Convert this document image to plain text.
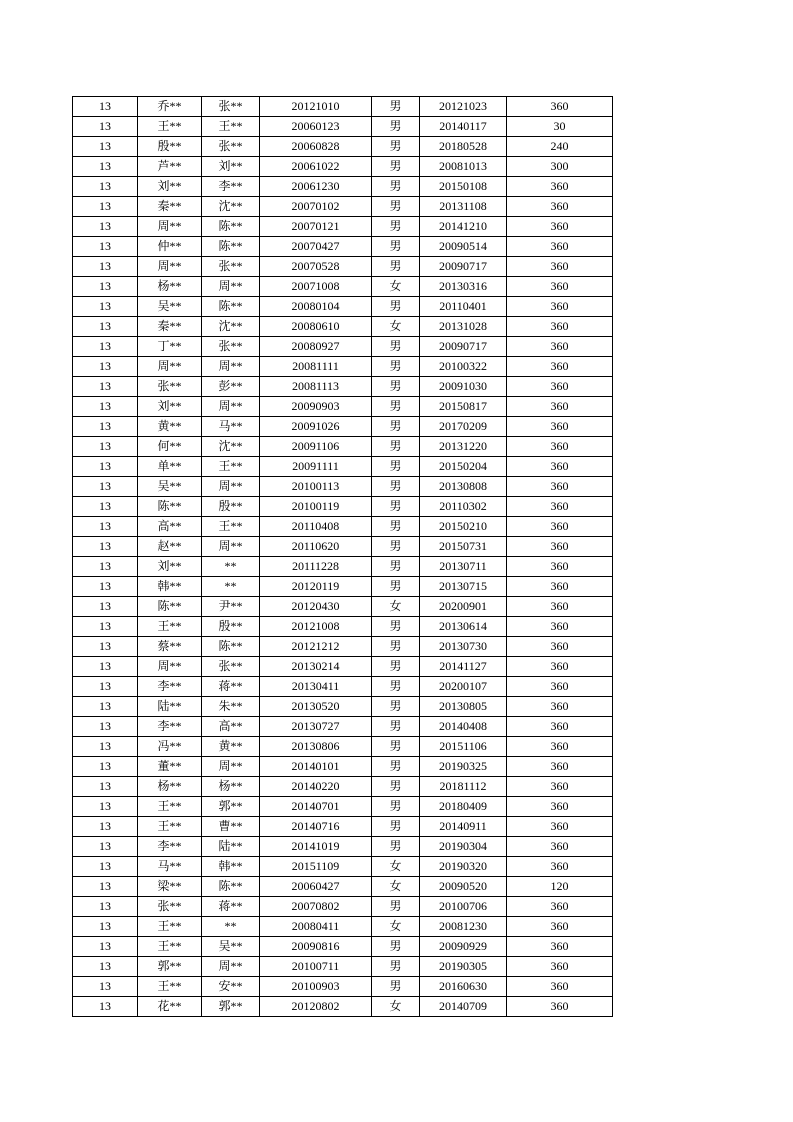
13	乔**	张**	20121010	男	20121023	360
13	王**	王**	20060123	男	20140117	30
13	殷**	张**	20060828	男	20180528	240
13	芦**	刘**	20061022	男	20081013	300
13	刘**	李**	20061230	男	20150108	360
13	秦**	沈**	20070102	男	20131108	360
13	周**	陈**	20070121	男	20141210	360
13	仲**	陈**	20070427	男	20090514	360
13	周**	张**	20070528	男	20090717	360
13	杨**	周**	20071008	女	20130316	360
13	吴**	陈**	20080104	男	20110401	360
13	秦**	沈**	20080610	女	20131028	360
13	丁**	张**	20080927	男	20090717	360
13	周**	周**	20081111	男	20100322	360
13	张**	彭**	20081113	男	20091030	360
13	刘**	周**	20090903	男	20150817	360
13	黄**	马**	20091026	男	20170209	360
13	何**	沈**	20091106	男	20131220	360
13	单**	王**	20091111	男	20150204	360
13	吴**	周**	20100113	男	20130808	360
13	陈**	殷**	20100119	男	20110302	360
13	高**	王**	20110408	男	20150210	360
13	赵**	周**	20110620	男	20150731	360
13	刘**	**	20111228	男	20130711	360
13	韩**	**	20120119	男	20130715	360
13	陈**	尹**	20120430	女	20200901	360
13	王**	殷**	20121008	男	20130614	360
13	蔡**	陈**	20121212	男	20130730	360
13	周**	张**	20130214	男	20141127	360
13	李**	蒋**	20130411	男	20200107	360
13	陆**	朱**	20130520	男	20130805	360
13	李**	高**	20130727	男	20140408	360
13	冯**	黄**	20130806	男	20151106	360
13	董**	周**	20140101	男	20190325	360
13	杨**	杨**	20140220	男	20181112	360
13	王**	郭**	20140701	男	20180409	360
13	王**	曹**	20140716	男	20140911	360
13	李**	陆**	20141019	男	20190304	360
13	马**	韩**	20151109	女	20190320	360
13	梁**	陈**	20060427	女	20090520	120
13	张**	蒋**	20070802	男	20100706	360
13	王**	**	20080411	女	20081230	360
13	王**	吴**	20090816	男	20090929	360
13	郭**	周**	20100711	男	20190305	360
13	王**	安**	20100903	男	20160630	360
13	花**	郭**	20120802	女	20140709	360
